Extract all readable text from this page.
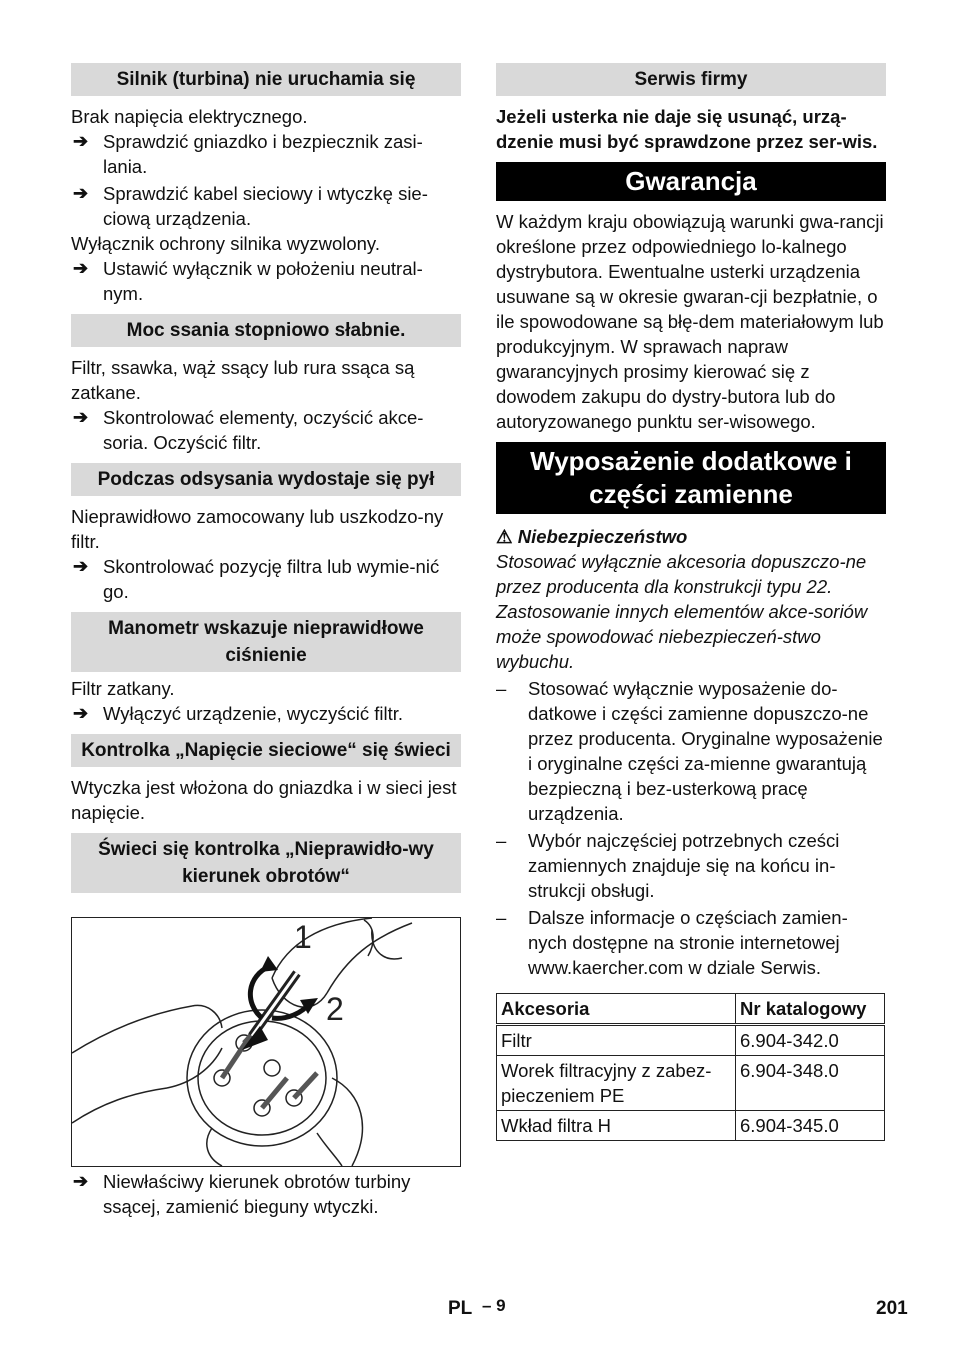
Silnik (turbina) nie uruchamia się

Brak napięcia elektrycznego.

➔ Sprawdzić gniazdko i bezpiecznik zasi-lania.
➔ Sprawdzić kabel sieciowy i wtyczkę sie-ciową urządzenia.

Wyłącznik ochrony silnika wyzwolony.

➔ Ustawić wyłącznik w położeniu neutral-nym.
Moc ssania stopniowo słabnie.

Filtr, ssawka, wąż ssący lub rura ssąca są zatkane.

➔ Skontrolować elementy, oczyścić akce-soria. Oczyścić filtr.
Podczas odsysania wydostaje się pył

Nieprawidłowo zamocowany lub uszkodzo-ny filtr.

➔ Skontrolować pozycję filtra lub wymie-nić go.
Manometr wskazuje nieprawidłowe ciśnienie

Filtr zatkany.

➔ Wyłączyć urządzenie, wyczyścić filtr.
Kontrolka „Napięcie sieciowe“ się świeci

Wtyczka jest włożona do gniazdka i w sieci jest napięcie.

Świeci się kontrolka „Nieprawidło-wy kierunek obrotów“
1
2
➔ Niewłaściwy kierunek obrotów turbiny ssącej, zamienić bieguny wtyczki.
Serwis firmy

Jeżeli usterka nie daje się usunąć, urzą-dzenie musi być sprawdzone przez ser-wis.

Gwarancja

W każdym kraju obowiązują warunki gwa-rancji określone przez odpowiedniego lo-kalnego dystrybutora. Ewentualne usterki urządzenia usuwane są w okresie gwaran-cji bezpłatnie, o ile spowodowane są błę-dem materiałowym lub produkcyjnym. W sprawach napraw gwarancyjnych prosimy kierować się z dowodem zakupu do dystry-butora lub do autoryzowanego punktu ser-wisowego.

Wyposażenie dodatkowe i części zamienne

⚠ Niebezpieczeństwo

Stosować wyłącznie akcesoria dopuszczo-ne przez producenta dla konstrukcji typu 22. Zastosowanie innych elementów akce-soriów może spowodować niebezpieczeń-stwo wybuchu.

– Stosować wyłącznie wyposażenie do-datkowe i części zamienne dopuszczo-ne przez producenta. Oryginalne wyposażenie i oryginalne części za-mienne gwarantują bezpieczną i bez-usterkową pracę urządzenia.
– Wybór najczęściej potrzebnych cześci zamiennych znajduje się na końcu in-strukcji obsługi.
– Dalsze informacje o częściach zamien-nych dostępne na stronie internetowej www.kaercher.com w dziale Serwis.
Akcesoria	Nr katalogowy
Filtr	6.904-342.0
Worek filtracyjny z zabez-pieczeniem PE	6.904-348.0
Wkład filtra H	6.904-345.0
PL – 9	201
